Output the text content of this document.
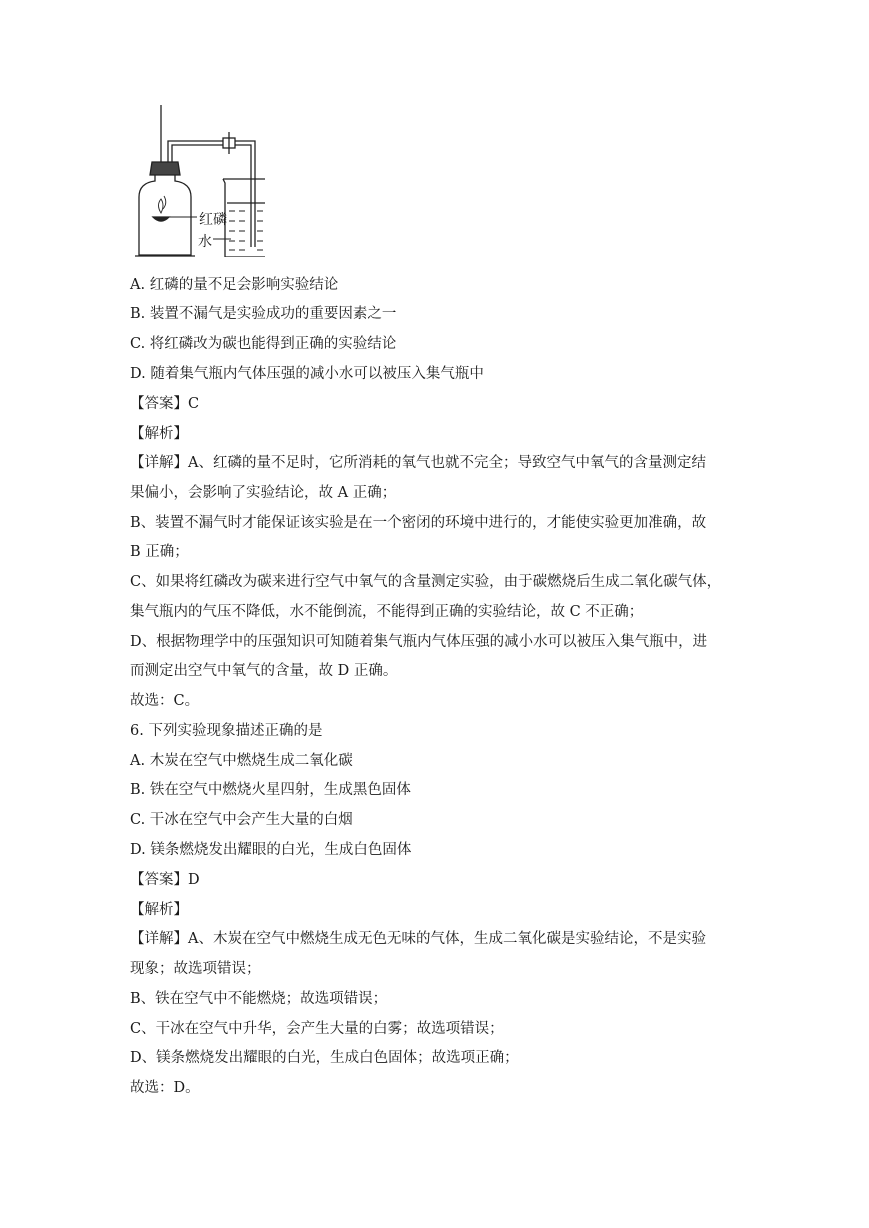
红磷
水
A. 红磷的量不足会影响实验结论
B. 装置不漏气是实验成功的重要因素之一
C. 将红磷改为碳也能得到正确的实验结论
D. 随着集气瓶内气体压强的减小水可以被压入集气瓶中
【答案】C
【解析】
【详解】A、红磷的量不足时，它所消耗的氧气也就不完全；导致空气中氧气的含量测定结
果偏小，会影响了实验结论，故 A 正确；
B、装置不漏气时才能保证该实验是在一个密闭的环境中进行的，才能使实验更加准确，故
B 正确；
C、如果将红磷改为碳来进行空气中氧气的含量测定实验，由于碳燃烧后生成二氧化碳气体，
集气瓶内的气压不降低，水不能倒流，不能得到正确的实验结论，故 C 不正确；
D、根据物理学中的压强知识可知随着集气瓶内气体压强的减小水可以被压入集气瓶中，进
而测定出空气中氧气的含量，故 D 正确。
故选：C。
6. 下列实验现象描述正确的是
A. 木炭在空气中燃烧生成二氧化碳
B. 铁在空气中燃烧火星四射，生成黑色固体
C. 干冰在空气中会产生大量的白烟
D. 镁条燃烧发出耀眼的白光，生成白色固体
【答案】D
【解析】
【详解】A、木炭在空气中燃烧生成无色无味的气体，生成二氧化碳是实验结论，不是实验
现象；故选项错误；
B、铁在空气中不能燃烧；故选项错误；
C、干冰在空气中升华，会产生大量的白雾；故选项错误；
D、镁条燃烧发出耀眼的白光，生成白色固体；故选项正确；
故选：D。
